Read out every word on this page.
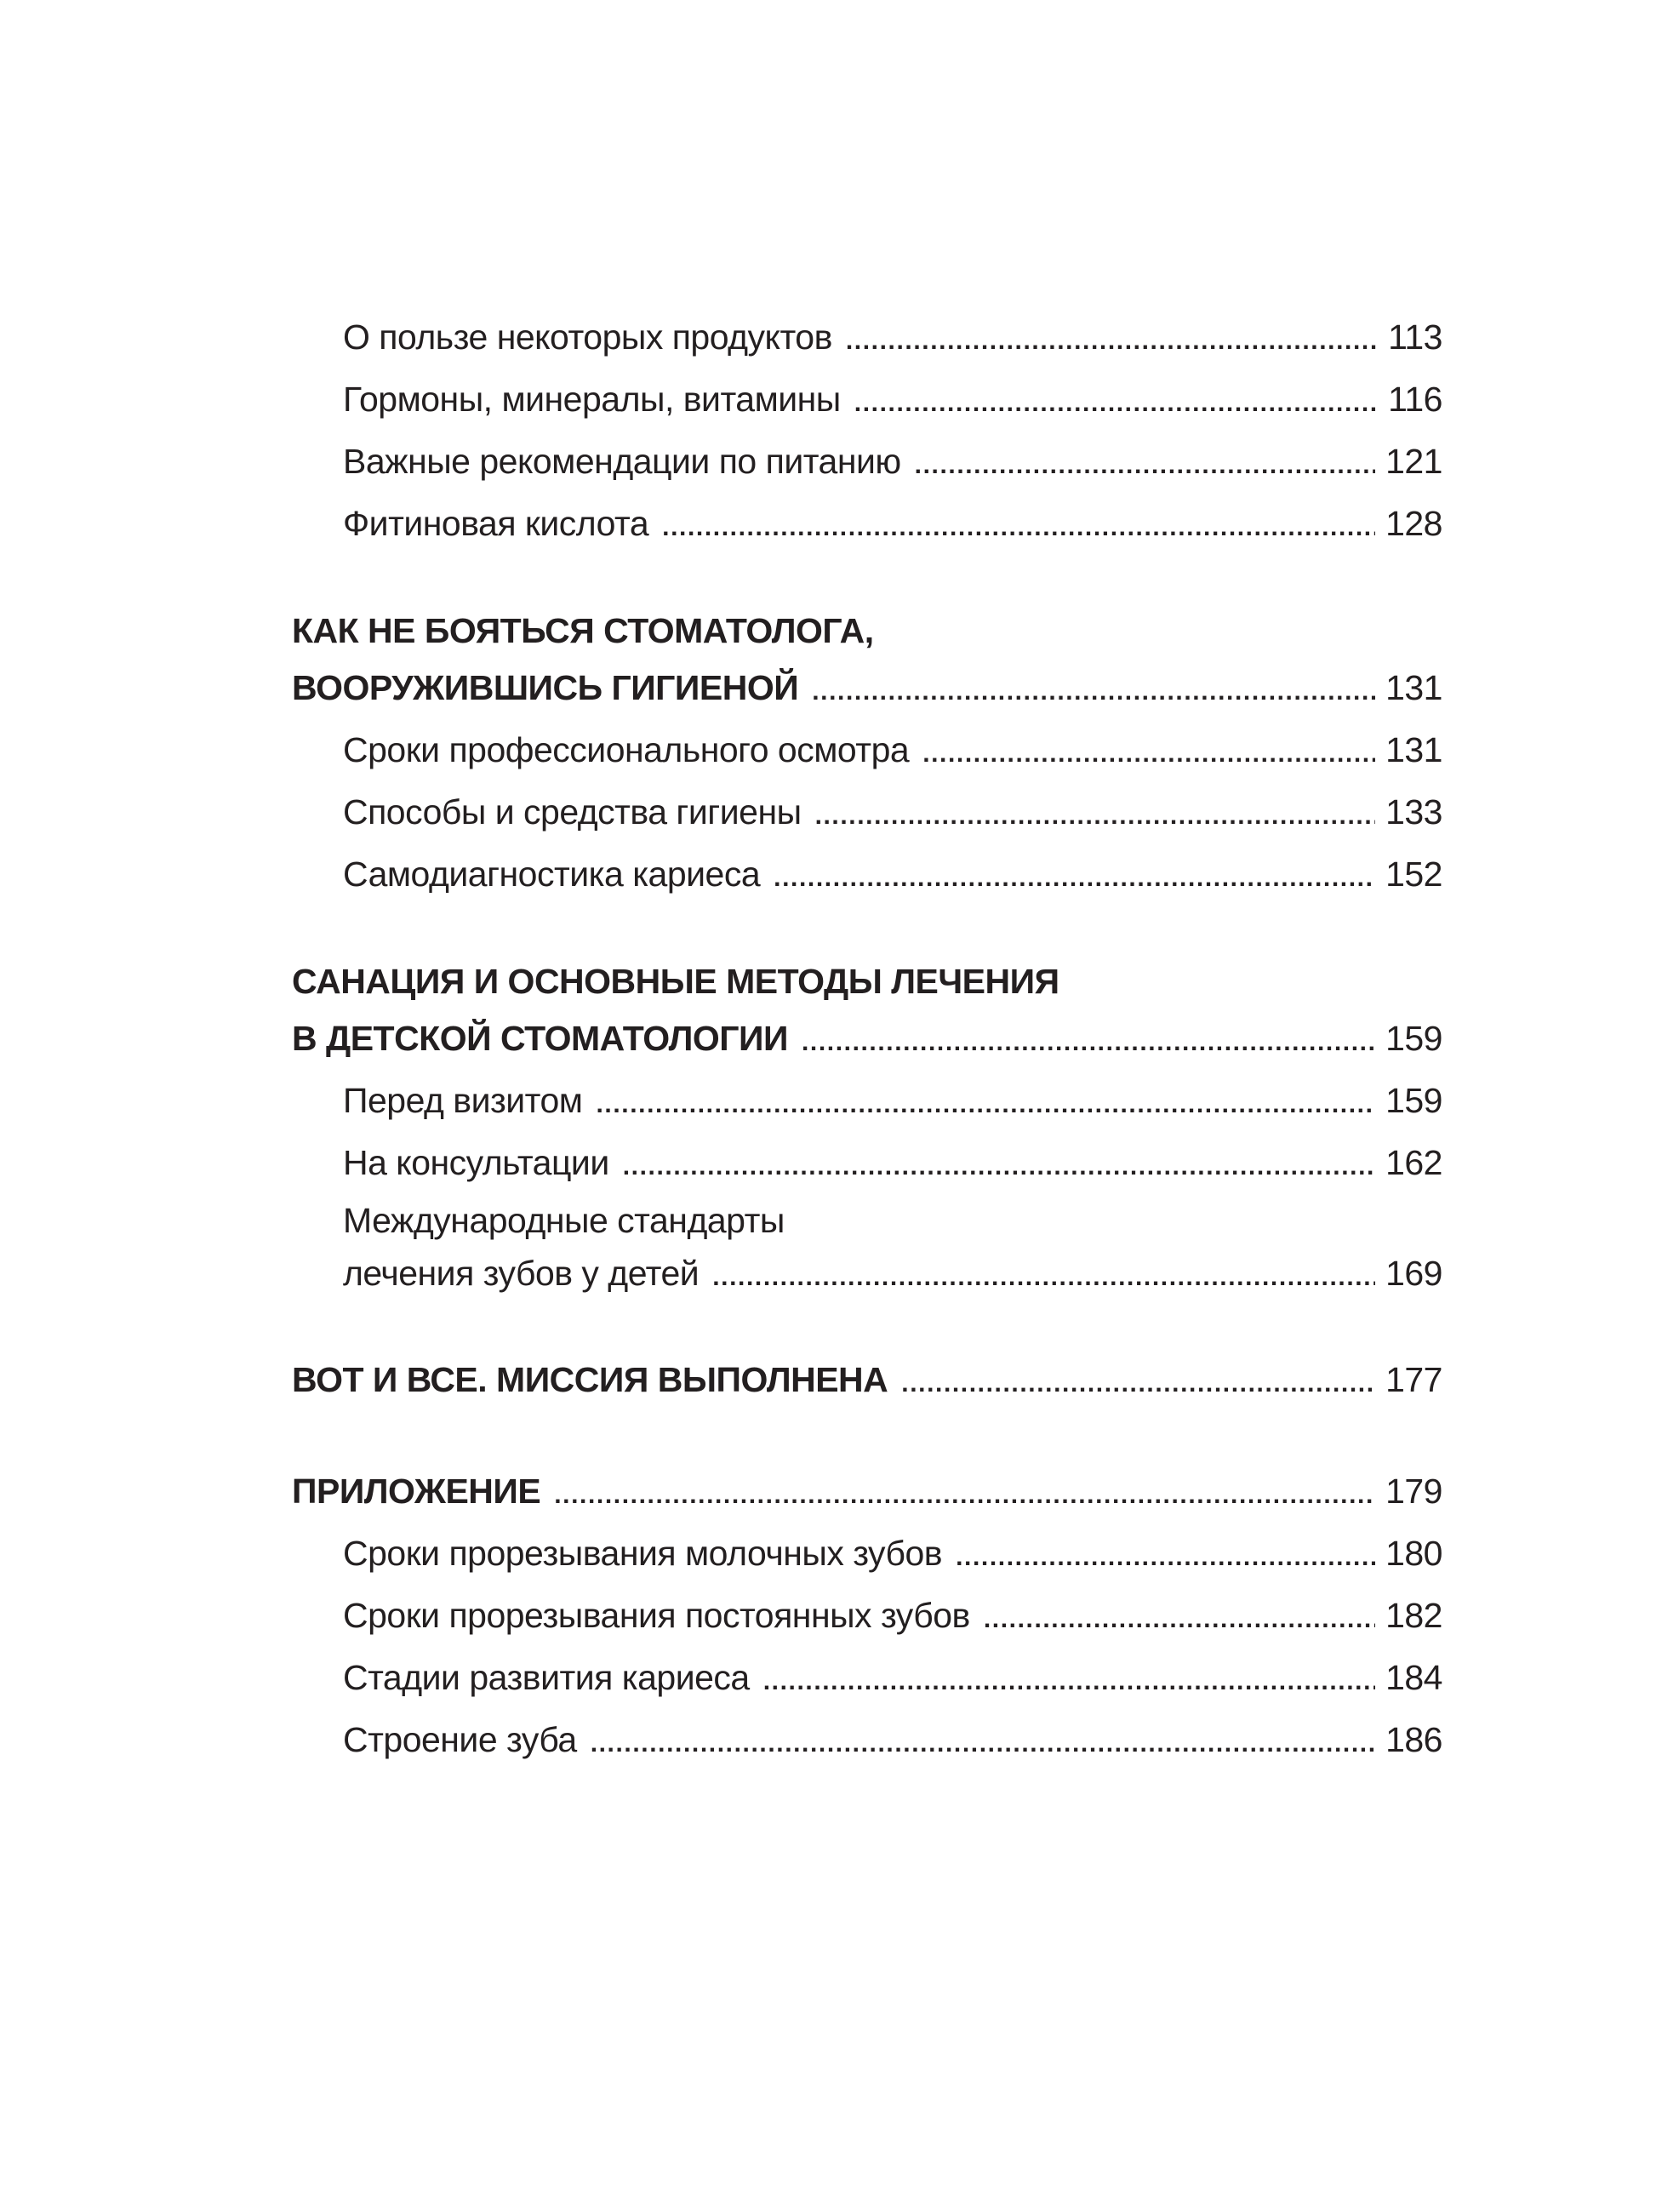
О пользе некоторых продуктов .....	113
Гормоны, минералы, витамины .....	116
Важные рекомендации по питанию .....	121
Фитиновая кислота .....	128
КАК НЕ БОЯТЬСЯ СТОМАТОЛОГА,
ВООРУЖИВШИСЬ ГИГИЕНОЙ .....	131
Сроки профессионального осмотра .....	131
Способы и средства гигиены .....	133
Самодиагностика кариеса .....	152
САНАЦИЯ И ОСНОВНЫЕ МЕТОДЫ ЛЕЧЕНИЯ
В ДЕТСКОЙ СТОМАТОЛОГИИ .....	159
Перед визитом .....	159
На консультации .....	162
Международные стандарты
лечения зубов у детей .....	169
ВОТ И ВСЕ. МИССИЯ ВЫПОЛНЕНА .....	177
ПРИЛОЖЕНИЕ .....	179
Сроки прорезывания молочных зубов .....	180
Сроки прорезывания постоянных зубов .....	182
Стадии развития кариеса .....	184
Строение зуба .....	186
